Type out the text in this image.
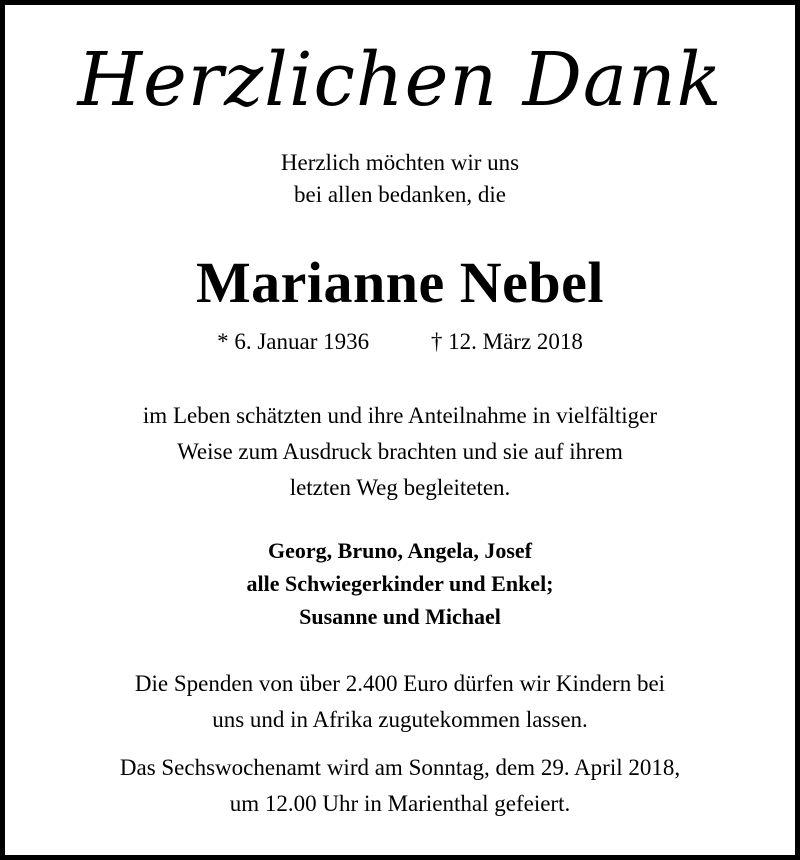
Herzlichen Dank
Herzlich möchten wir uns
bei allen bedanken, die
Marianne Nebel
* 6. Januar 1936	† 12. März 2018
im Leben schätzten und ihre Anteilnahme in vielfältiger
Weise zum Ausdruck brachten und sie auf ihrem
letzten Weg begleiteten.
Georg, Bruno, Angela, Josef
alle Schwiegerkinder und Enkel;
Susanne und Michael
Die Spenden von über 2.400 Euro dürfen wir Kindern bei
uns und in Afrika zugutekommen lassen.
Das Sechswochenamt wird am Sonntag, dem 29. April 2018,
um 12.00 Uhr in Marienthal gefeiert.
